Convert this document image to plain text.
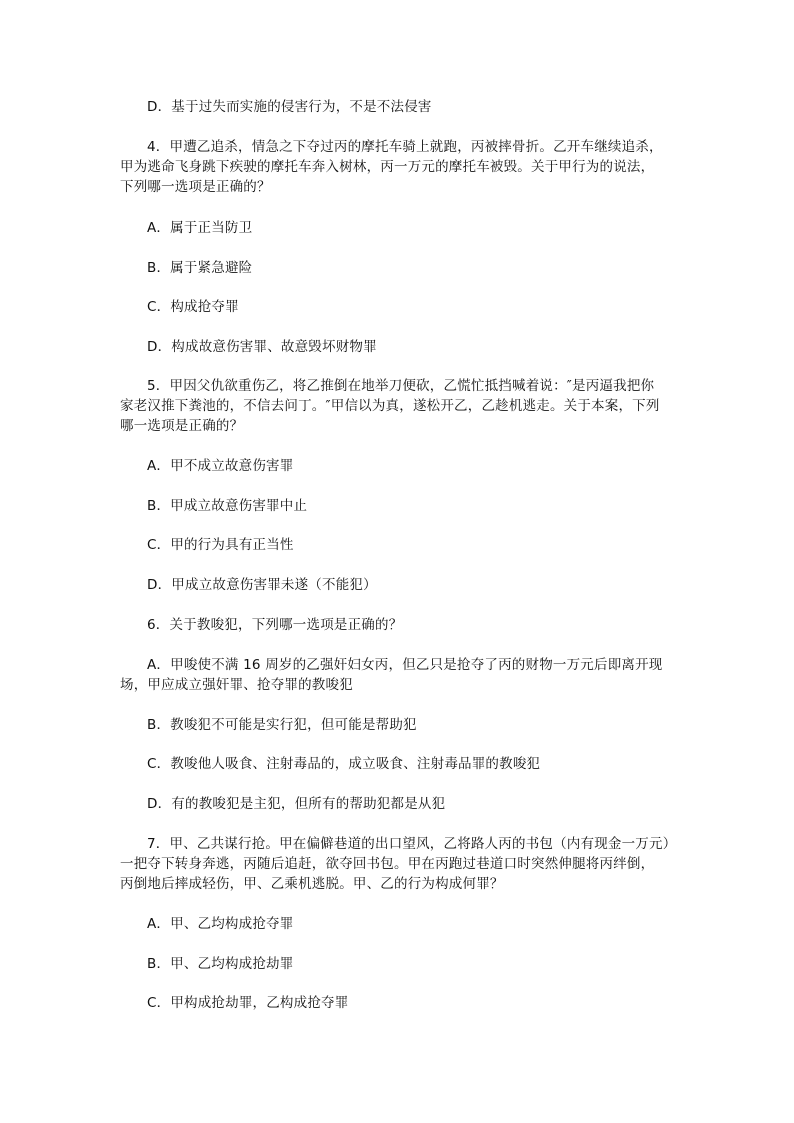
D．基于过失而实施的侵害行为，不是不法侵害
4．甲遭乙追杀，情急之下夺过丙的摩托车骑上就跑，丙被摔骨折。乙开车继续追杀，
甲为逃命飞身跳下疾驶的摩托车奔入树林，丙一万元的摩托车被毁。关于甲行为的说法，
下列哪一选项是正确的？
A．属于正当防卫
B．属于紧急避险
C．构成抢夺罪
D．构成故意伤害罪、故意毁坏财物罪
5．甲因父仇欲重伤乙，将乙推倒在地举刀便砍，乙慌忙抵挡喊着说：″是丙逼我把你
家老汉推下粪池的，不信去问丁。″甲信以为真，遂松开乙，乙趁机逃走。关于本案，下列
哪一选项是正确的？
A．甲不成立故意伤害罪
B．甲成立故意伤害罪中止
C．甲的行为具有正当性
D．甲成立故意伤害罪未遂（不能犯）
6．关于教唆犯，下列哪一选项是正确的？
A．甲唆使不满 16 周岁的乙强奸妇女丙，但乙只是抢夺了丙的财物一万元后即离开现
场，甲应成立强奸罪、抢夺罪的教唆犯
B．教唆犯不可能是实行犯，但可能是帮助犯
C．教唆他人吸食、注射毒品的，成立吸食、注射毒品罪的教唆犯
D．有的教唆犯是主犯，但所有的帮助犯都是从犯
7．甲、乙共谋行抢。甲在偏僻巷道的出口望风，乙将路人丙的书包（内有现金一万元）
一把夺下转身奔逃，丙随后追赶，欲夺回书包。甲在丙跑过巷道口时突然伸腿将丙绊倒，
丙倒地后摔成轻伤，甲、乙乘机逃脱。甲、乙的行为构成何罪？
A．甲、乙均构成抢夺罪
B．甲、乙均构成抢劫罪
C．甲构成抢劫罪，乙构成抢夺罪
